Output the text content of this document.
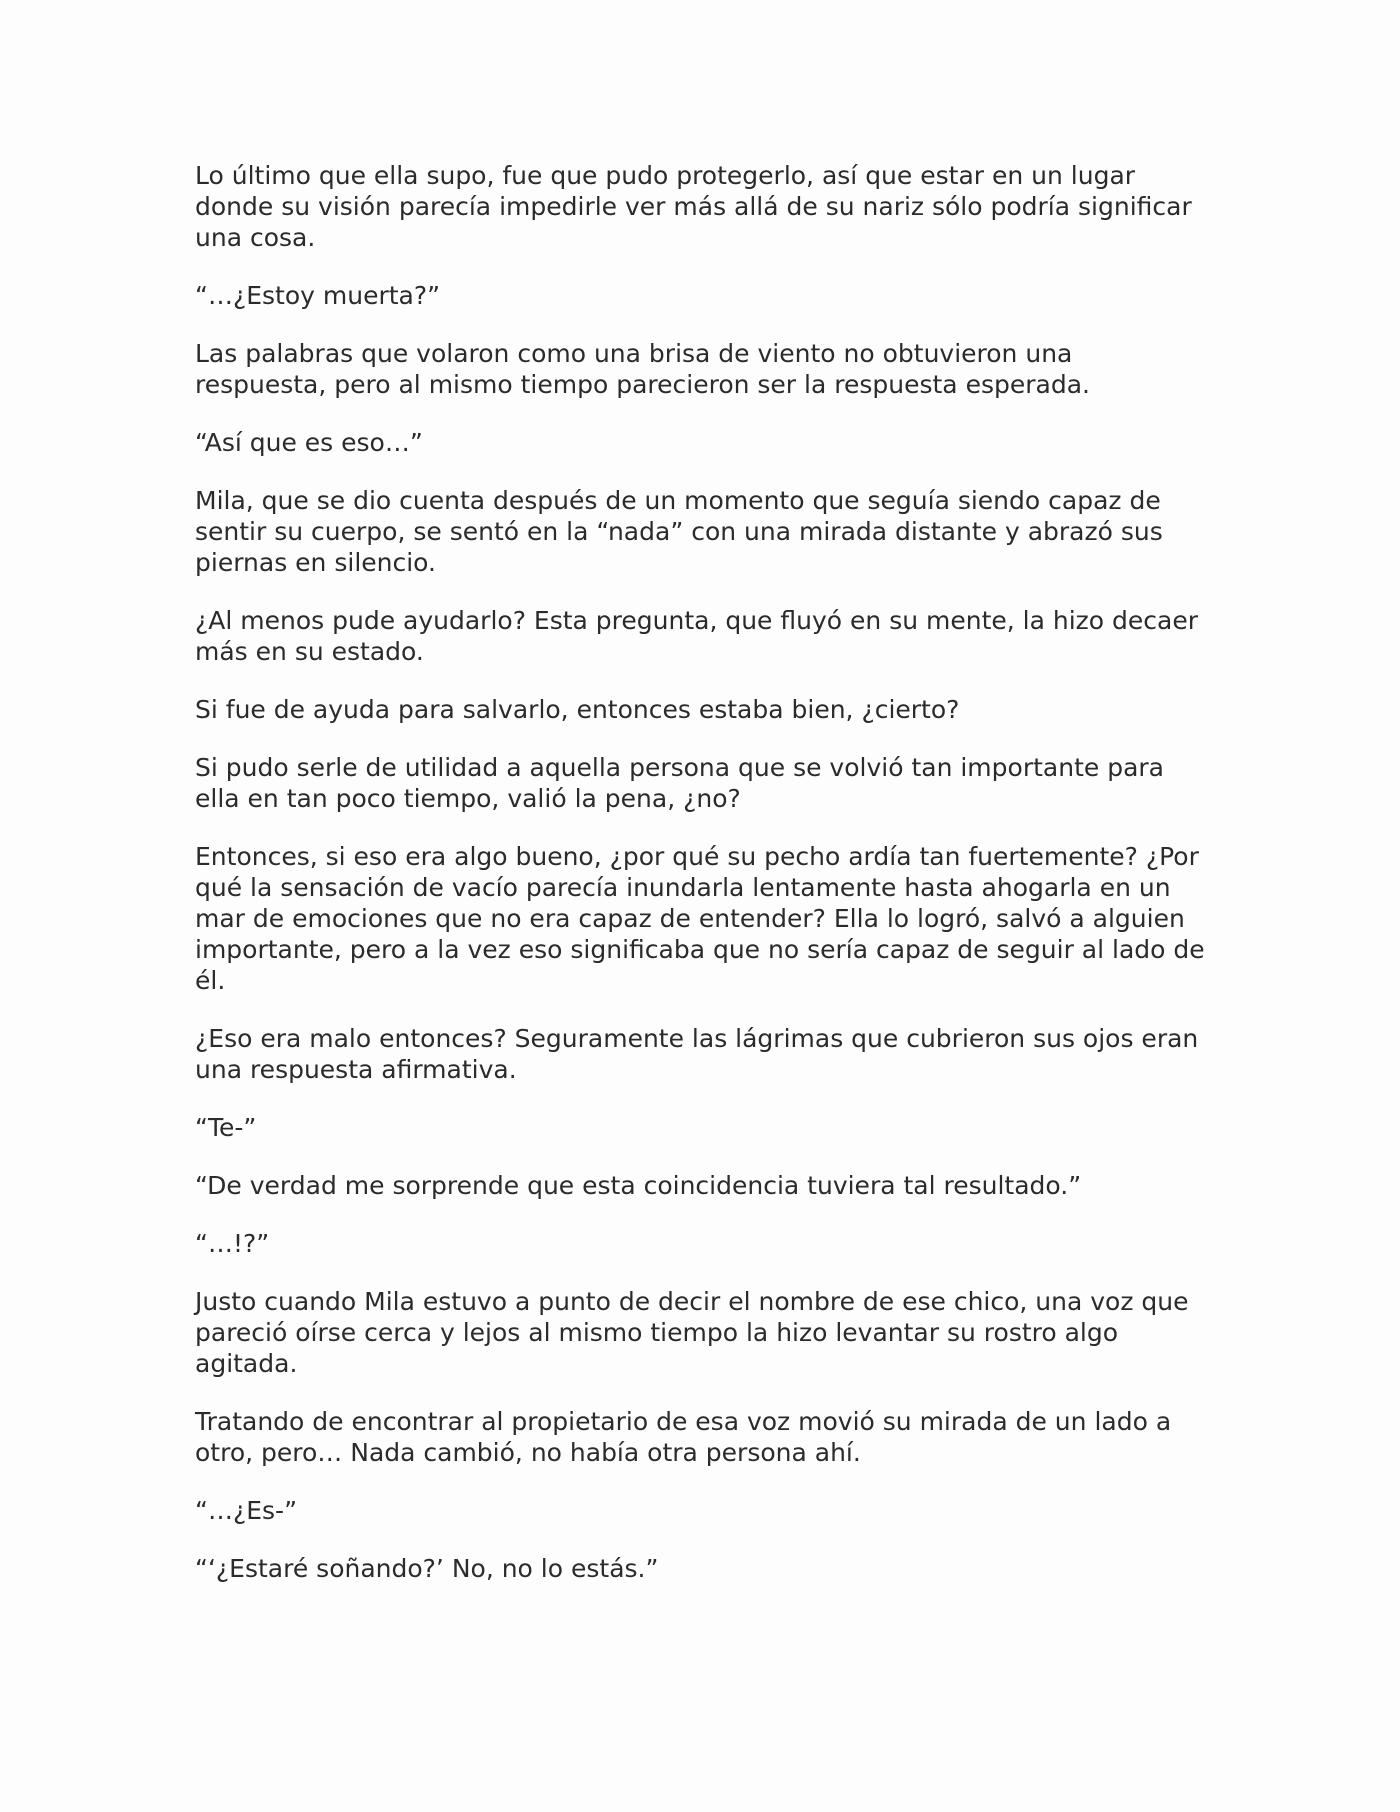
Lo último que ella supo, fue que pudo protegerlo, así que estar en un lugar donde su visión parecía impedirle ver más allá de su nariz sólo podría significar una cosa.

“…¿Estoy muerta?”

Las palabras que volaron como una brisa de viento no obtuvieron una respuesta, pero al mismo tiempo parecieron ser la respuesta esperada.

“Así que es eso…”

Mila, que se dio cuenta después de un momento que seguía siendo capaz de sentir su cuerpo, se sentó en la “nada” con una mirada distante y abrazó sus piernas en silencio.

¿Al menos pude ayudarlo? Esta pregunta, que fluyó en su mente, la hizo decaer más en su estado.

Si fue de ayuda para salvarlo, entonces estaba bien, ¿cierto?

Si pudo serle de utilidad a aquella persona que se volvió tan importante para ella en tan poco tiempo, valió la pena, ¿no?

Entonces, si eso era algo bueno, ¿por qué su pecho ardía tan fuertemente? ¿Por qué la sensación de vacío parecía inundarla lentamente hasta ahogarla en un mar de emociones que no era capaz de entender? Ella lo logró, salvó a alguien importante, pero a la vez eso significaba que no sería capaz de seguir al lado de él.

¿Eso era malo entonces? Seguramente las lágrimas que cubrieron sus ojos eran una respuesta afirmativa.

“Te-”

“De verdad me sorprende que esta coincidencia tuviera tal resultado.”

“…!?”

Justo cuando Mila estuvo a punto de decir el nombre de ese chico, una voz que pareció oírse cerca y lejos al mismo tiempo la hizo levantar su rostro algo agitada.

Tratando de encontrar al propietario de esa voz movió su mirada de un lado a otro, pero… Nada cambió, no había otra persona ahí.

“…¿Es-”

“‘¿Estaré soñando?’ No, no lo estás.”
